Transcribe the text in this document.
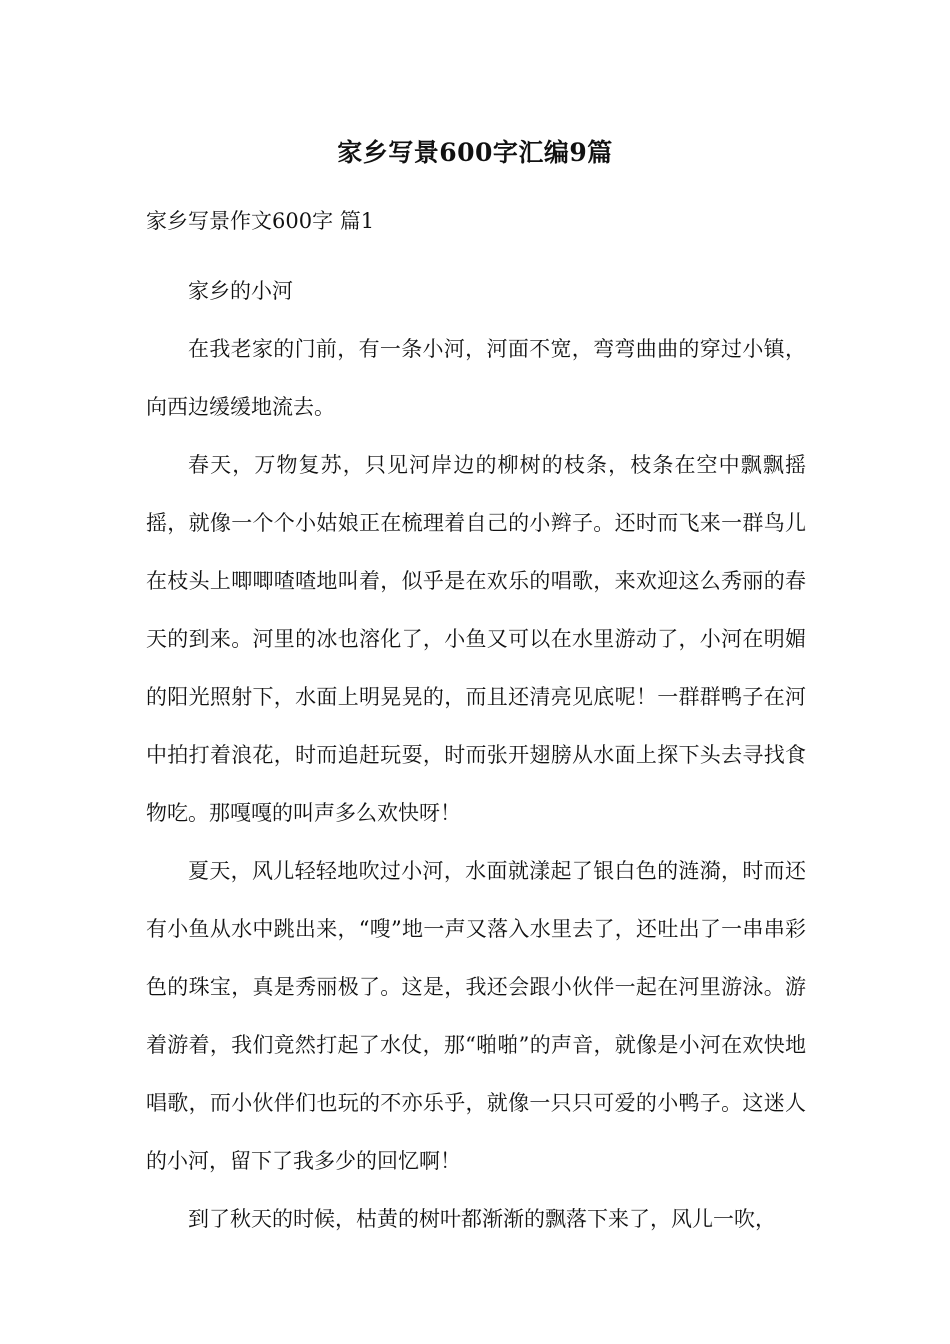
家乡写景600字汇编9篇
家乡写景作文600字 篇1

家乡的小河

在我老家的门前，有一条小河，河面不宽，弯弯曲曲的穿过小镇，向西边缓缓地流去。

春天，万物复苏，只见河岸边的柳树的枝条，枝条在空中飘飘摇摇，就像一个个小姑娘正在梳理着自己的小辫子。还时而飞来一群鸟儿在枝头上唧唧喳喳地叫着，似乎是在欢乐的唱歌，来欢迎这么秀丽的春天的到来。河里的冰也溶化了，小鱼又可以在水里游动了，小河在明媚的阳光照射下，水面上明晃晃的，而且还清亮见底呢！一群群鸭子在河中拍打着浪花，时而追赶玩耍，时而张开翅膀从水面上探下头去寻找食物吃。那嘎嘎的叫声多么欢快呀！

夏天，风儿轻轻地吹过小河，水面就漾起了银白色的涟漪，时而还有小鱼从水中跳出来，“嗖”地一声又落入水里去了，还吐出了一串串彩色的珠宝，真是秀丽极了。这是，我还会跟小伙伴一起在河里游泳。游着游着，我们竟然打起了水仗，那“啪啪”的声音，就像是小河在欢快地唱歌，而小伙伴们也玩的不亦乐乎，就像一只只可爱的小鸭子。这迷人的小河，留下了我多少的回忆啊！

到了秋天的时候，枯黄的树叶都渐渐的飘落下来了，风儿一吹，
